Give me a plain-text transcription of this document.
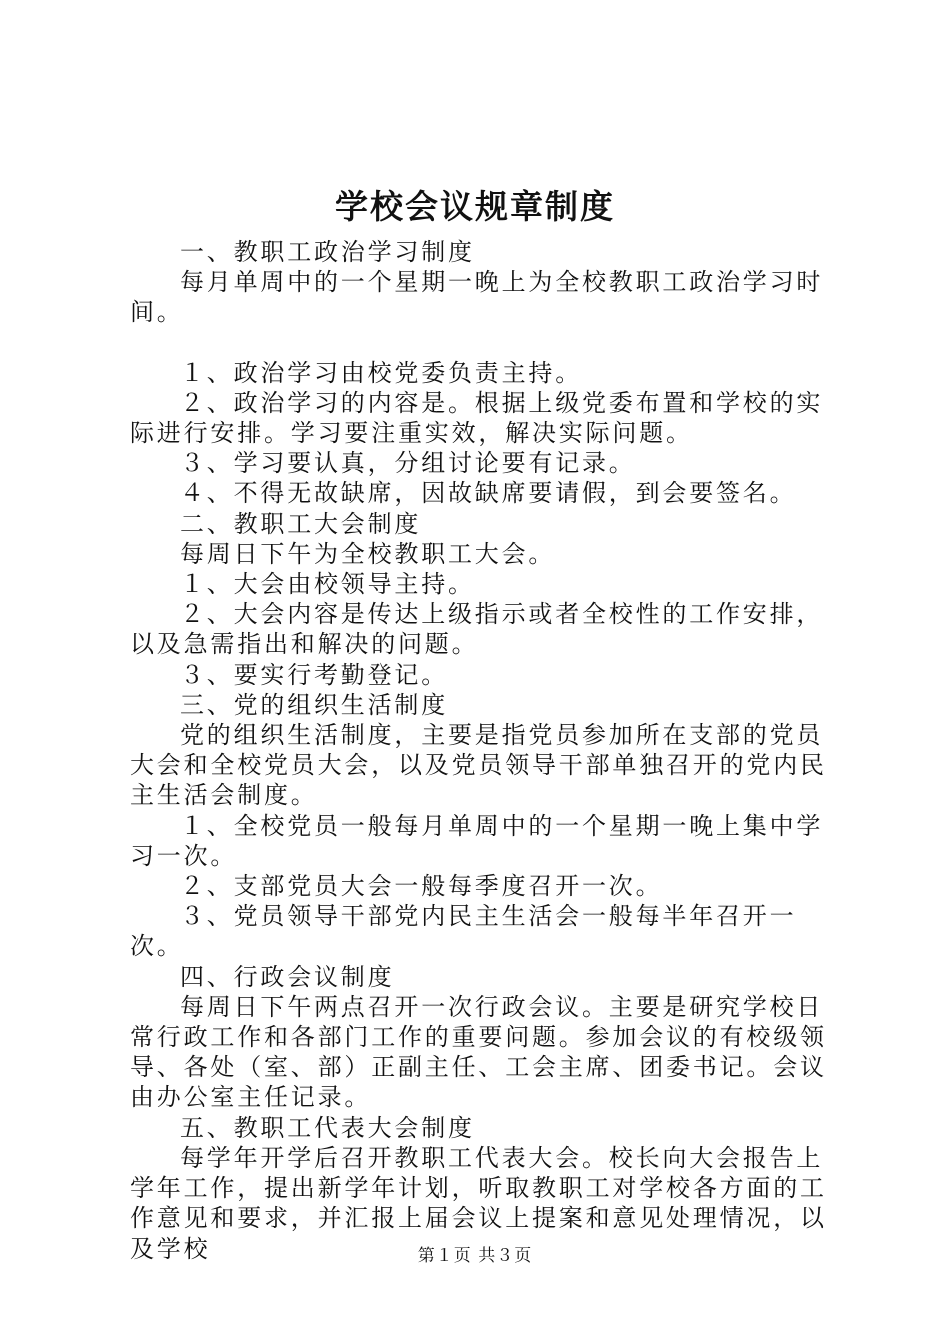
学校会议规章制度

一、教职工政治学习制度

每月单周中的一个星期一晚上为全校教职工政治学习时间。

１、政治学习由校党委负责主持。

２、政治学习的内容是。根据上级党委布置和学校的实际进行安排。学习要注重实效，解决实际问题。

３、学习要认真，分组讨论要有记录。

４、不得无故缺席，因故缺席要请假，到会要签名。

二、教职工大会制度

每周日下午为全校教职工大会。

１、大会由校领导主持。

２、大会内容是传达上级指示或者全校性的工作安排，以及急需指出和解决的问题。

３、要实行考勤登记。

三、党的组织生活制度

党的组织生活制度，主要是指党员参加所在支部的党员大会和全校党员大会，以及党员领导干部单独召开的党内民主生活会制度。

１、全校党员一般每月单周中的一个星期一晚上集中学习一次。

２、支部党员大会一般每季度召开一次。

３、党员领导干部党内民主生活会一般每半年召开一次。

四、行政会议制度

每周日下午两点召开一次行政会议。主要是研究学校日常行政工作和各部门工作的重要问题。参加会议的有校级领导、各处（室、部）正副主任、工会主席、团委书记。会议由办公室主任记录。

五、教职工代表大会制度

每学年开学后召开教职工代表大会。校长向大会报告上学年工作，提出新学年计划，听取教职工对学校各方面的工作意见和要求，并汇报上届会议上提案和意见处理情况，以及学校	第１页 共３页
